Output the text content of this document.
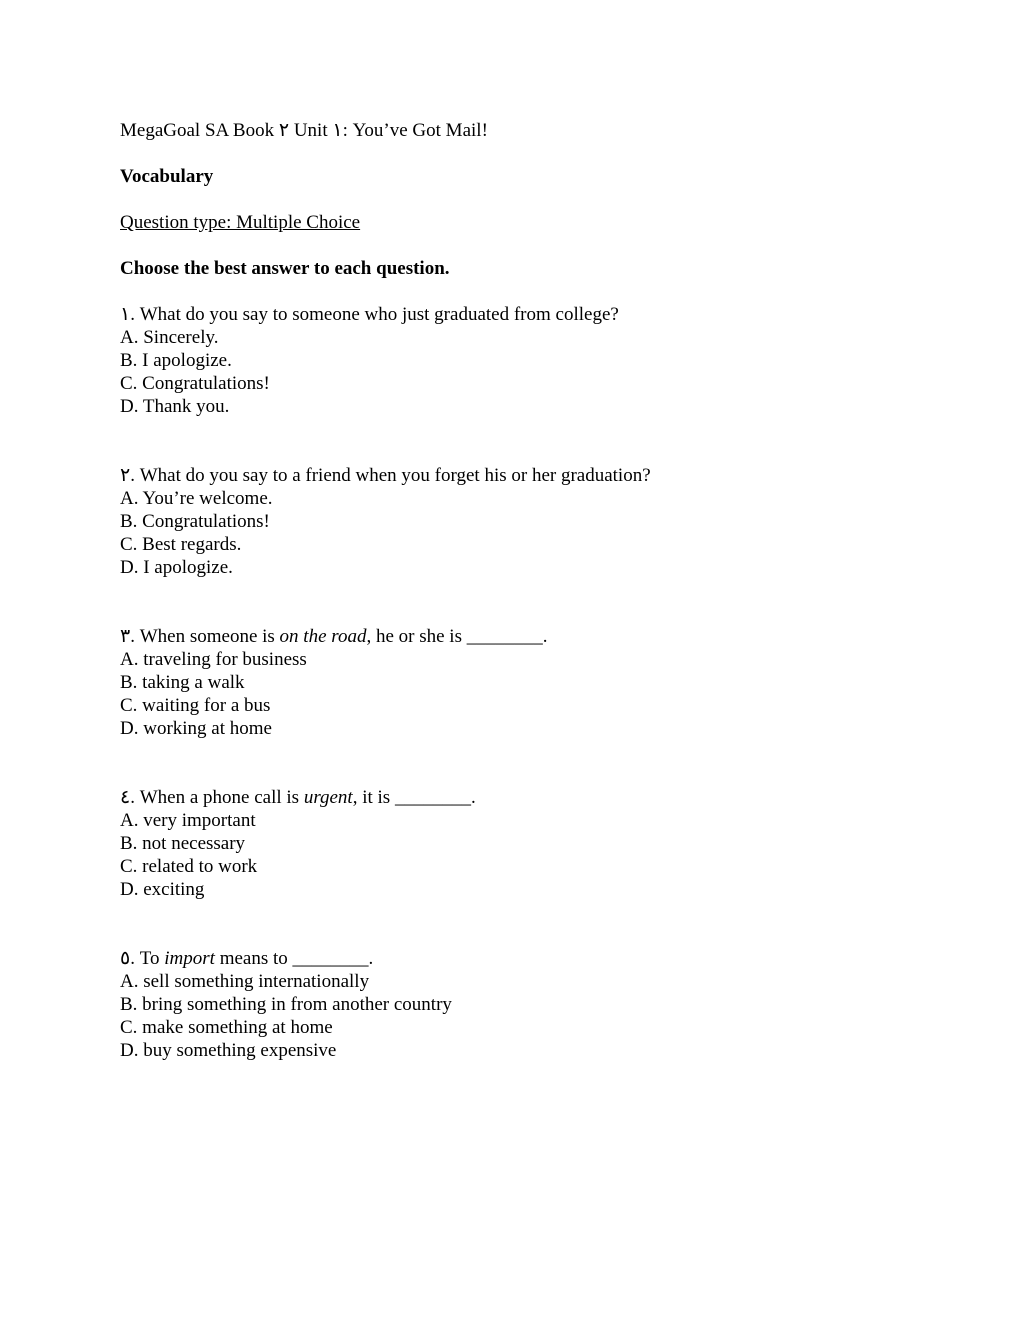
MegaGoal SA Book ٢ Unit ١: You’ve Got Mail!
Vocabulary
Question type: Multiple Choice
Choose the best answer to each question.
١. What do you say to someone who just graduated from college?
A. Sincerely.
B. I apologize.
C. Congratulations!
D. Thank you.
٢. What do you say to a friend when you forget his or her graduation?
A. You’re welcome.
B. Congratulations!
C. Best regards.
D. I apologize.
٣. When someone is on the road, he or she is ________.
A. traveling for business
B. taking a walk
C. waiting for a bus
D. working at home
٤. When a phone call is urgent, it is ________.
A. very important
B. not necessary
C. related to work
D. exciting
٥. To import means to ________.
A. sell something internationally
B. bring something in from another country
C. make something at home
D. buy something expensive
